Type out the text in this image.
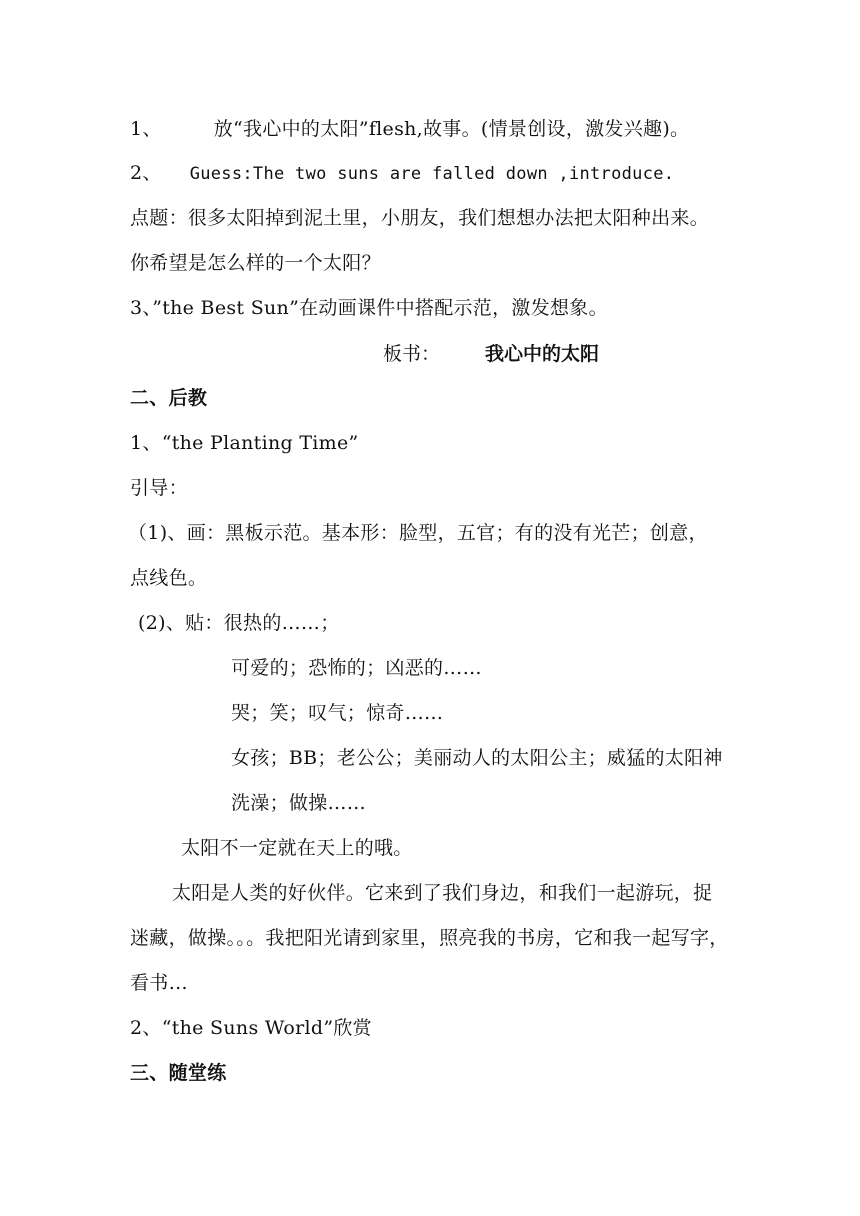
1、	放“我心中的太阳”flesh,故事。(情景创设，激发兴趣)。
2、 Guess:The two suns are falled down ,introduce.
点题：很多太阳掉到泥土里，小朋友，我们想想办法把太阳种出来。
你希望是怎么样的一个太阳？
3、”the Best Sun”在动画课件中搭配示范，激发想象。
板书： 我心中的太阳
二、后教
1、“the Planting Time”
引导：
（1)、画：黑板示范。基本形：脸型，五官；有的没有光芒；创意，
点线色。
(2)、贴：很热的……；
可爱的；恐怖的；凶恶的……
哭；笑；叹气；惊奇……
女孩；BB；老公公；美丽动人的太阳公主；威猛的太阳神
洗澡；做操……
太阳不一定就在天上的哦。
太阳是人类的好伙伴。它来到了我们身边，和我们一起游玩，捉
迷藏，做操。。。我把阳光请到家里，照亮我的书房，它和我一起写字，
看书…
2、“the Suns World”欣赏
三、随堂练
